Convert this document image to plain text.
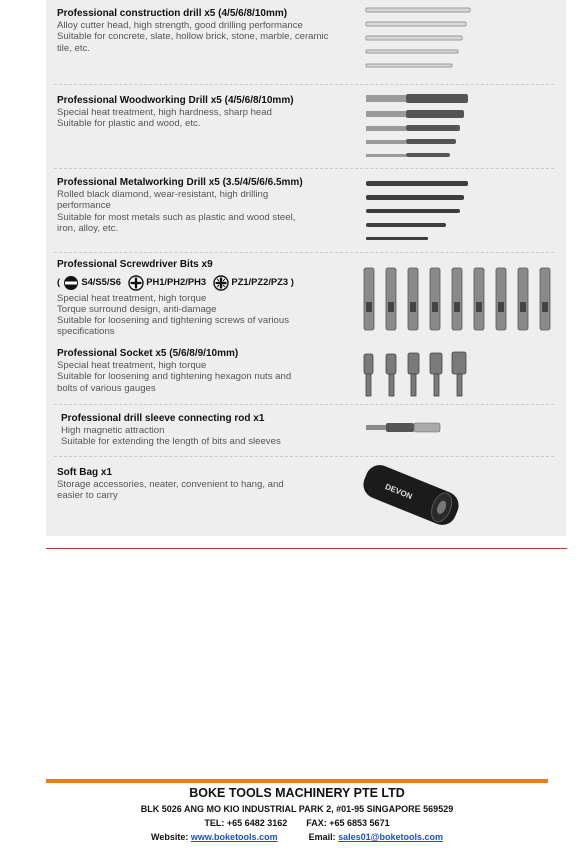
Professional construction drill x5 (4/5/6/8/10mm)
Alloy cutter head, high strength, good drilling performance
Suitable for concrete, slate, hollow brick, stone, marble, ceramic
tile, etc.
Professional Woodworking Drill x5 (4/5/6/8/10mm)
Special heat treatment, high hardness, sharp head
Suitable for plastic and wood, etc.
Professional Metalworking Drill x5 (3.5/4/5/6/6.5mm)
Rolled black diamond, wear-resistant, high drilling
performance
Suitable for most metals such as plastic and wood steel,
iron, alloy, etc.
Professional Screwdriver Bits x9
( S4/S5/S6	PH1/PH2/PH3	PZ1/PZ2/PZ3 )
Special heat treatment, high torque
Torque surround design, anti-damage
Suitable for loosening and tightening screws of various
specifications
Professional Socket x5 (5/6/8/9/10mm)
Special heat treatment, high torque
Suitable for loosening and tightening hexagon nuts and
bolts of various gauges
Professional drill sleeve connecting rod x1
High magnetic attraction
Suitable for extending the length of bits and sleeves
Soft Bag x1
Storage accessories, neater, convenient to hang, and
easier to carry	DEVON
BOKE TOOLS MACHINERY PTE LTD
BLK 5026 ANG MO KIO INDUSTRIAL PARK 2, #01-95 SINGAPORE 569529
TEL: +65 6482 3162 FAX: +65 6853 5671
Website: www.boketools.com	Email: sales01@boketools.com
